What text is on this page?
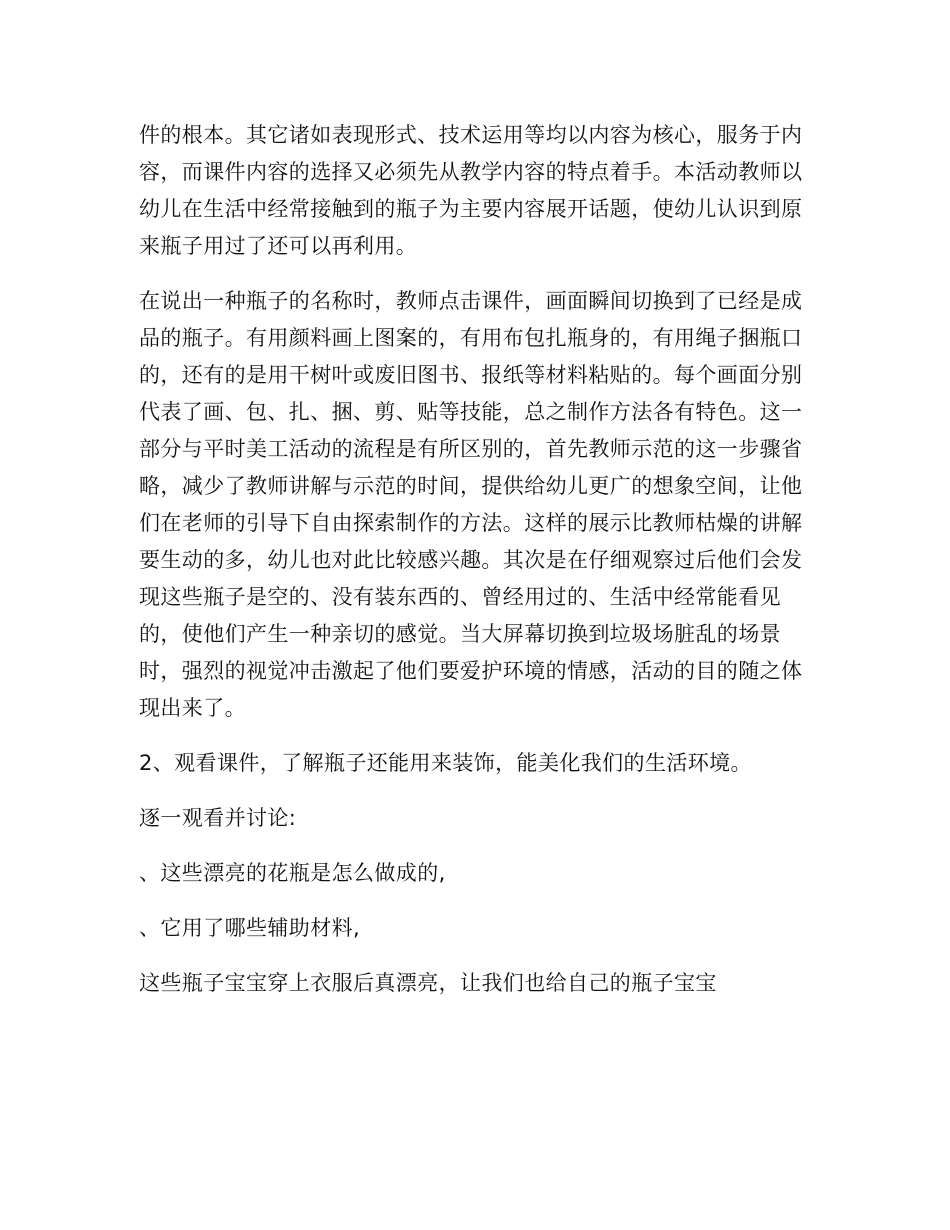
件的根本。其它诸如表现形式、技术运用等均以内容为核心，服务于内容，而课件内容的选择又必须先从教学内容的特点着手。本活动教师以幼儿在生活中经常接触到的瓶子为主要内容展开话题，使幼儿认识到原来瓶子用过了还可以再利用。

在说出一种瓶子的名称时，教师点击课件，画面瞬间切换到了已经是成品的瓶子。有用颜料画上图案的，有用布包扎瓶身的，有用绳子捆瓶口的，还有的是用干树叶或废旧图书、报纸等材料粘贴的。每个画面分别代表了画、包、扎、捆、剪、贴等技能，总之制作方法各有特色。这一部分与平时美工活动的流程是有所区别的，首先教师示范的这一步骤省略，减少了教师讲解与示范的时间，提供给幼儿更广的想象空间，让他们在老师的引导下自由探索制作的方法。这样的展示比教师枯燥的讲解要生动的多，幼儿也对此比较感兴趣。其次是在仔细观察过后他们会发现这些瓶子是空的、没有装东西的、曾经用过的、生活中经常能看见的，使他们产生一种亲切的感觉。当大屏幕切换到垃圾场脏乱的场景时，强烈的视觉冲击激起了他们要爱护环境的情感，活动的目的随之体现出来了。

2、观看课件，了解瓶子还能用来装饰，能美化我们的生活环境。

逐一观看并讨论:

、这些漂亮的花瓶是怎么做成的,

、它用了哪些辅助材料,

这些瓶子宝宝穿上衣服后真漂亮，让我们也给自己的瓶子宝宝
